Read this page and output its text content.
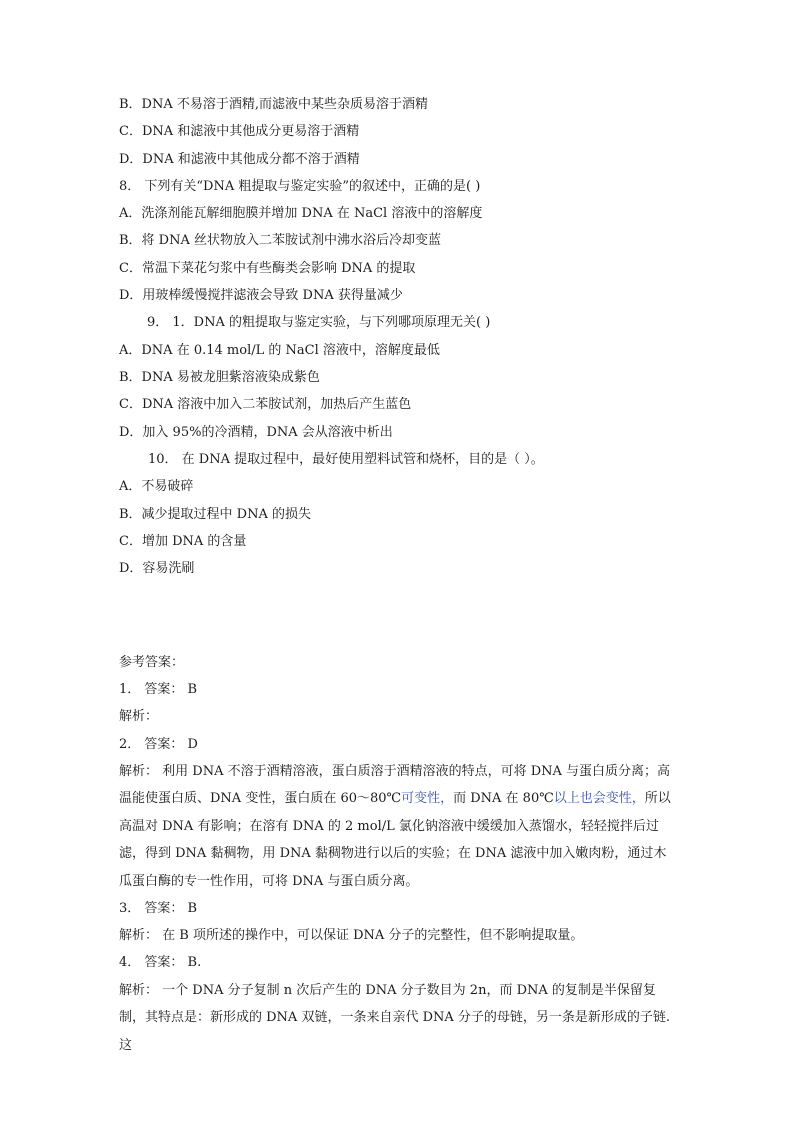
B．DNA 不易溶于酒精,而滤液中某些杂质易溶于酒精
C．DNA 和滤液中其他成分更易溶于酒精
D．DNA 和滤液中其他成分都不溶于酒精
8． 下列有关“DNA 粗提取与鉴定实验”的叙述中，正确的是( )
A．洗涤剂能瓦解细胞膜并增加 DNA 在 NaCl 溶液中的溶解度
B．将 DNA 丝状物放入二苯胺试剂中沸水浴后冷却变蓝
C．常温下菜花匀浆中有些酶类会影响 DNA 的提取
D．用玻棒缓慢搅拌滤液会导致 DNA 获得量减少
9． 1．DNA 的粗提取与鉴定实验，与下列哪项原理无关( )
A．DNA 在 0.14 mol/L 的 NaCl 溶液中，溶解度最低
B．DNA 易被龙胆紫溶液染成紫色
C．DNA 溶液中加入二苯胺试剂，加热后产生蓝色
D．加入 95%的冷酒精，DNA 会从溶液中析出
10． 在 DNA 提取过程中，最好使用塑料试管和烧杯，目的是（ ）。
A．不易破碎
B．减少提取过程中 DNA 的损失
C．增加 DNA 的含量
D．容易洗刷
参考答案：
1． 答案： B
解析：
2． 答案： D

解析： 利用 DNA 不溶于酒精溶液，蛋白质溶于酒精溶液的特点，可将 DNA 与蛋白质分离；高温能使蛋白质、DNA 变性，蛋白质在 60～80℃可变性，而 DNA 在 80℃以上也会变性，所以高温对 DNA 有影响；在溶有 DNA 的 2 mol/L 氯化钠溶液中缓缓加入蒸馏水，轻轻搅拌后过滤，得到 DNA 黏稠物，用 DNA 黏稠物进行以后的实验；在 DNA 滤液中加入嫩肉粉，通过木瓜蛋白酶的专一性作用，可将 DNA 与蛋白质分离。

3． 答案： B
解析： 在 B 项所述的操作中，可以保证 DNA 分子的完整性，但不影响提取量。
4． 答案： B.

解析： 一个 DNA 分子复制 n 次后产生的 DNA 分子数目为 2n，而 DNA 的复制是半保留复制，其特点是：新形成的 DNA 双链，一条来自亲代 DNA 分子的母链，另一条是新形成的子链.这
